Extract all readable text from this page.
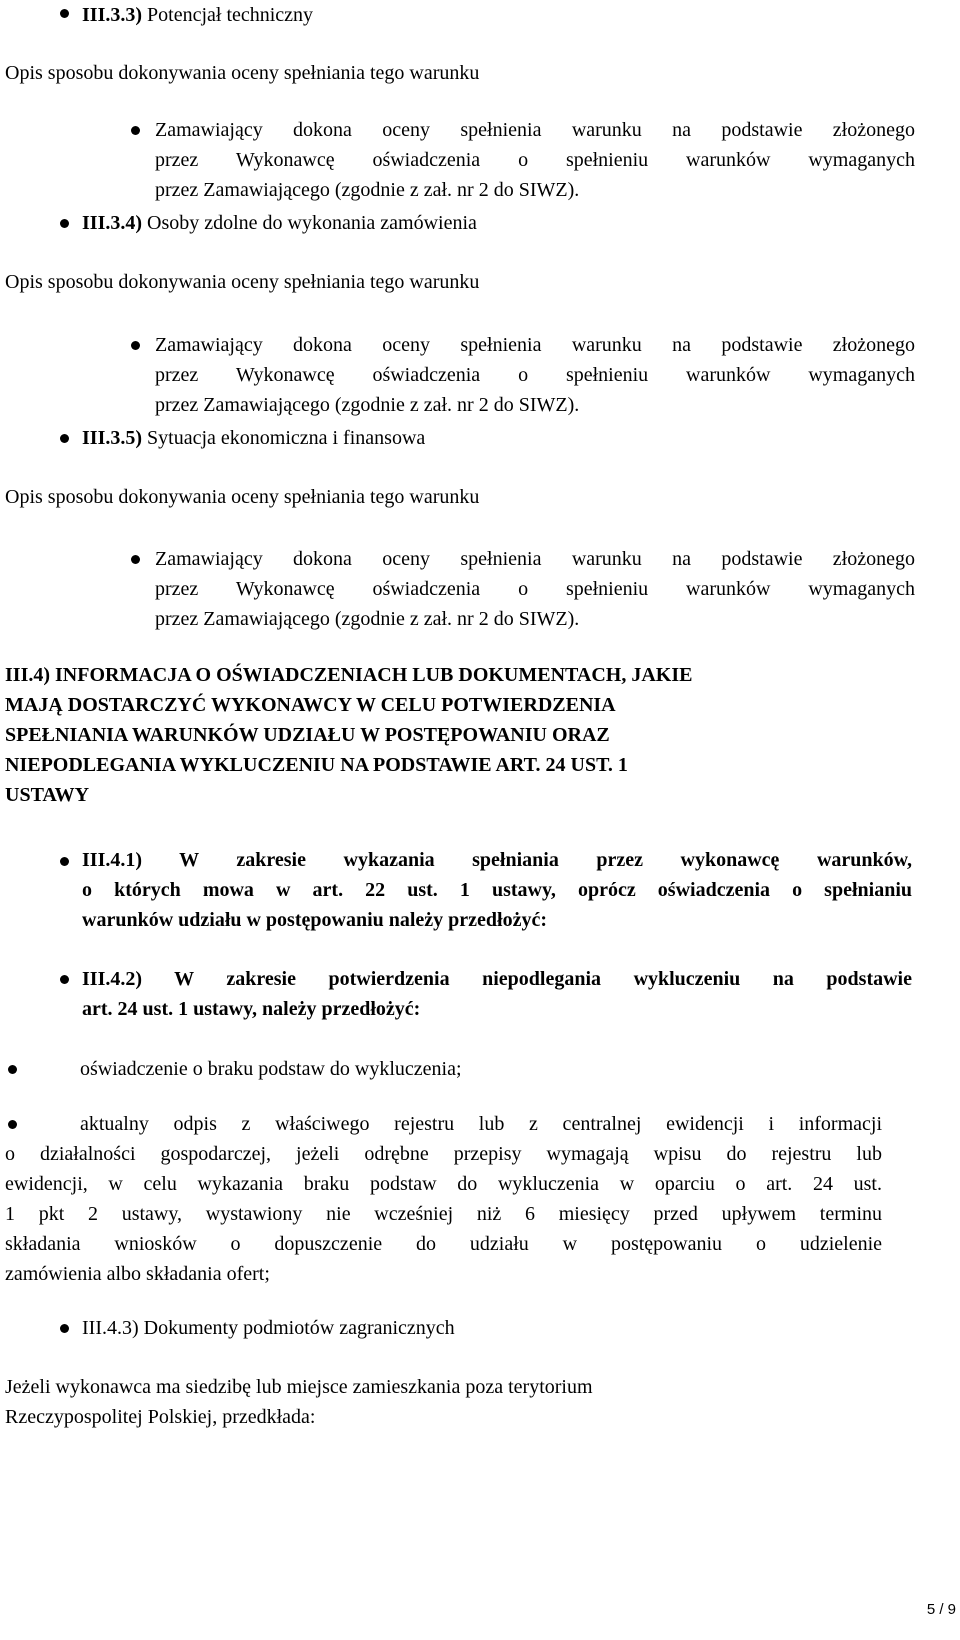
III.3.3) Potencjał techniczny
Opis sposobu dokonywania oceny spełniania tego warunku
Zamawiający dokona oceny spełnienia warunku na podstawie złożonego
przez Wykonawcę oświadczenia o spełnieniu warunków wymaganych
przez Zamawiającego (zgodnie z zał. nr 2 do SIWZ).
III.3.4) Osoby zdolne do wykonania zamówienia
Opis sposobu dokonywania oceny spełniania tego warunku
Zamawiający dokona oceny spełnienia warunku na podstawie złożonego
przez Wykonawcę oświadczenia o spełnieniu warunków wymaganych
przez Zamawiającego (zgodnie z zał. nr 2 do SIWZ).
III.3.5) Sytuacja ekonomiczna i finansowa
Opis sposobu dokonywania oceny spełniania tego warunku
Zamawiający dokona oceny spełnienia warunku na podstawie złożonego
przez Wykonawcę oświadczenia o spełnieniu warunków wymaganych
przez Zamawiającego (zgodnie z zał. nr 2 do SIWZ).
III.4) INFORMACJA O OŚWIADCZENIACH LUB DOKUMENTACH, JAKIE
MAJĄ DOSTARCZYĆ WYKONAWCY W CELU POTWIERDZENIA
SPEŁNIANIA WARUNKÓW UDZIAŁU W POSTĘPOWANIU ORAZ
NIEPODLEGANIA WYKLUCZENIU NA PODSTAWIE ART. 24 UST. 1
USTAWY
III.4.1) W zakresie wykazania spełniania przez wykonawcę warunków,
o których mowa w art. 22 ust. 1 ustawy, oprócz oświadczenia o spełnianiu
warunków udziału w postępowaniu należy przedłożyć:
III.4.2) W zakresie potwierdzenia niepodlegania wykluczeniu na podstawie
art. 24 ust. 1 ustawy, należy przedłożyć:
oświadczenie o braku podstaw do wykluczenia;
aktualny odpis z właściwego rejestru lub z centralnej ewidencji i informacji
o działalności gospodarczej, jeżeli odrębne przepisy wymagają wpisu do rejestru lub
ewidencji, w celu wykazania braku podstaw do wykluczenia w oparciu o art. 24 ust.
1 pkt 2 ustawy, wystawiony nie wcześniej niż 6 miesięcy przed upływem terminu
składania wniosków o dopuszczenie do udziału w postępowaniu o udzielenie
zamówienia albo składania ofert;
III.4.3) Dokumenty podmiotów zagranicznych
Jeżeli wykonawca ma siedzibę lub miejsce zamieszkania poza terytorium
Rzeczypospolitej Polskiej, przedkłada:
5 / 9
